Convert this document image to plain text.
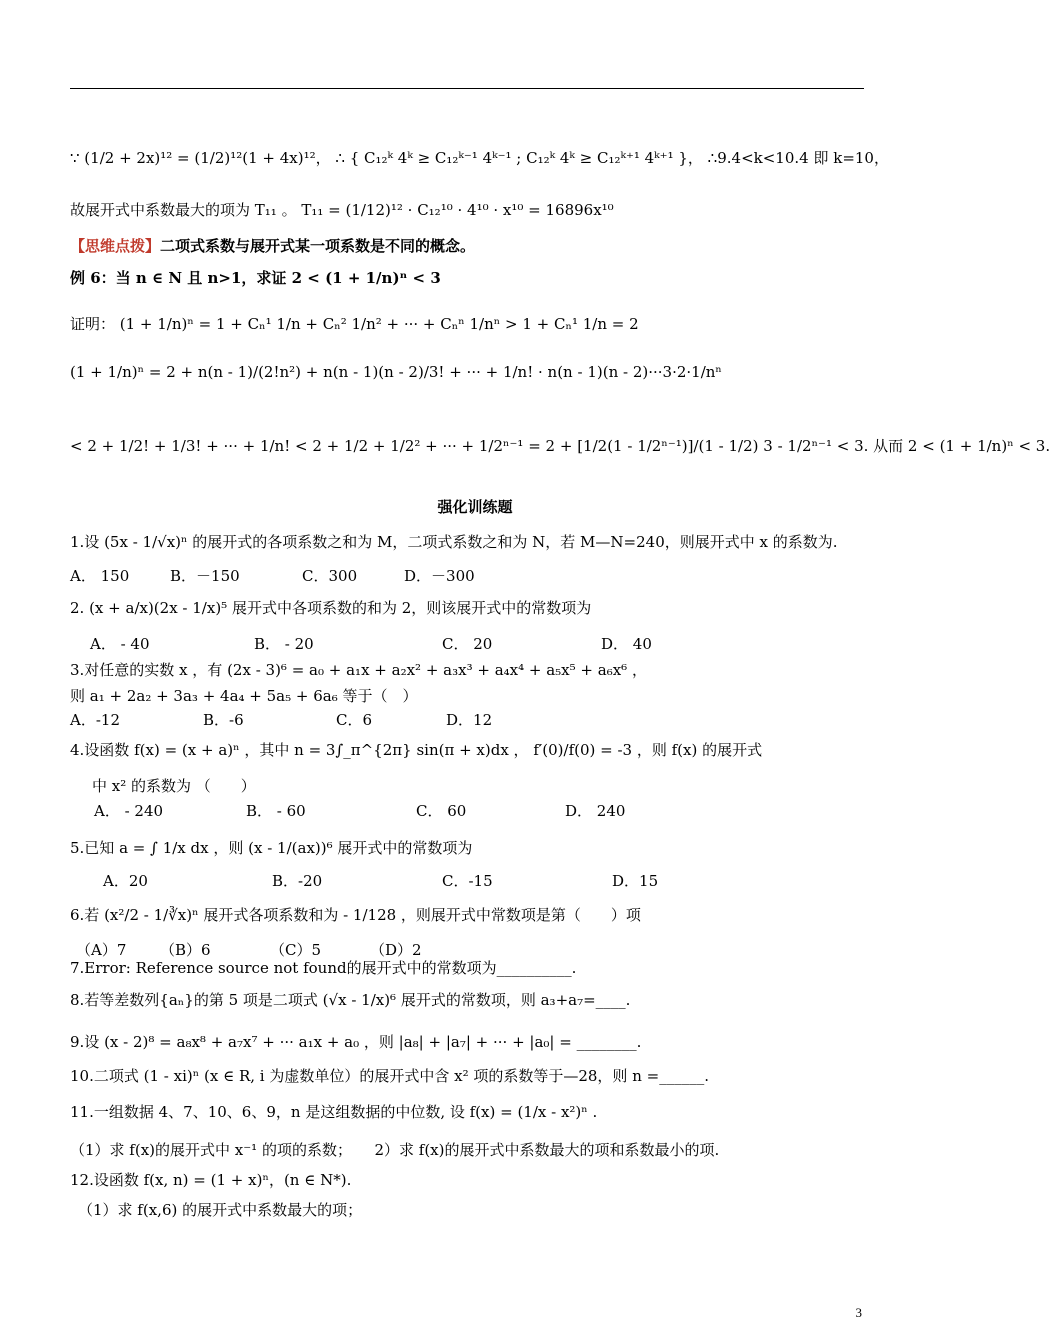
∵ (1/2 + 2x)¹² = (1/2)¹²(1 + 4x)¹²， ∴ { C₁₂ᵏ 4ᵏ ≥ C₁₂ᵏ⁻¹ 4ᵏ⁻¹ ; C₁₂ᵏ 4ᵏ ≥ C₁₂ᵏ⁺¹ 4ᵏ⁺¹ }， ∴9.4<k<10.4 即 k=10，
故展开式中系数最大的项为 T₁₁ 。 T₁₁ = (1/12)¹² · C₁₂¹⁰ · 4¹⁰ · x¹⁰ = 16896x¹⁰
【思维点拨】二项式系数与展开式某一项系数是不同的概念。
例 6：当 n ∈ N 且 n>1，求证 2 < (1 + 1/n)ⁿ < 3
证明： (1 + 1/n)ⁿ = 1 + Cₙ¹ 1/n + Cₙ² 1/n² + ··· + Cₙⁿ 1/nⁿ > 1 + Cₙ¹ 1/n = 2
(1 + 1/n)ⁿ = 2 + n(n - 1)/(2!n²) + n(n - 1)(n - 2)/3! + ··· + 1/n! · n(n - 1)(n - 2)···3·2·1/nⁿ
< 2 + 1/2! + 1/3! + ··· + 1/n! < 2 + 1/2 + 1/2² + ··· + 1/2ⁿ⁻¹ = 2 + [1/2(1 - 1/2ⁿ⁻¹)]/(1 - 1/2) 3 - 1/2ⁿ⁻¹ < 3. 从而 2 < (1 + 1/n)ⁿ < 3.
强化训练题
1.设 (5x - 1/√x)ⁿ 的展开式的各项系数之和为 M，二项式系数之和为 N，若 M—N=240，则展开式中 x 的系数为.
A． 150	B．－150	C．300	D．－300
2. (x + a/x)(2x - 1/x)⁵ 展开式中各项系数的和为 2，则该展开式中的常数项为
A． - 40	B． - 20	C． 20	D． 40
3.对任意的实数 x ，有 (2x - 3)⁶ = a₀ + a₁x + a₂x² + a₃x³ + a₄x⁴ + a₅x⁵ + a₆x⁶ ，
则 a₁ + 2a₂ + 3a₃ + 4a₄ + 5a₅ + 6a₆ 等于（　）
A．-12	B．-6	C．6	D．12
4.设函数 f(x) = (x + a)ⁿ ，其中 n = 3∫_π^{2π} sin(π + x)dx ， f′(0)/f(0) = -3 ，则 f(x) 的展开式
中 x² 的系数为 （　　）
A． - 240	B． - 60	C． 60	D． 240
5.已知 a = ∫ 1/x dx ，则 (x - 1/(ax))⁶ 展开式中的常数项为
A．20	B．-20	C．-15	D．15
6.若 (x²/2 - 1/∛x)ⁿ 展开式各项系数和为 - 1/128 ，则展开式中常数项是第（　　）项
（A）7 （B）6	（C）5	（D）2
7.Error: Reference source not found的展开式中的常数项为__________.
8.若等差数列{aₙ}的第 5 项是二项式 (√x - 1/x)⁶ 展开式的常数项，则 a₃+a₇=____.
9.设 (x - 2)⁸ = a₈x⁸ + a₇x⁷ + ··· a₁x + a₀ ，则 |a₈| + |a₇| + ··· + |a₀| = ________.
10.二项式 (1 - xi)ⁿ (x ∈ R, i 为虚数单位）的展开式中含 x² 项的系数等于—28，则 n =______.
11.一组数据 4、7、10、6、9，n 是这组数据的中位数, 设 f(x) = (1/x - x²)ⁿ .
（1）求 f(x)的展开式中 x⁻¹ 的项的系数；　　2）求 f(x)的展开式中系数最大的项和系数最小的项.
12.设函数 f(x, n) = (1 + x)ⁿ，(n ∈ N*).
（1）求 f(x,6) 的展开式中系数最大的项；
3
